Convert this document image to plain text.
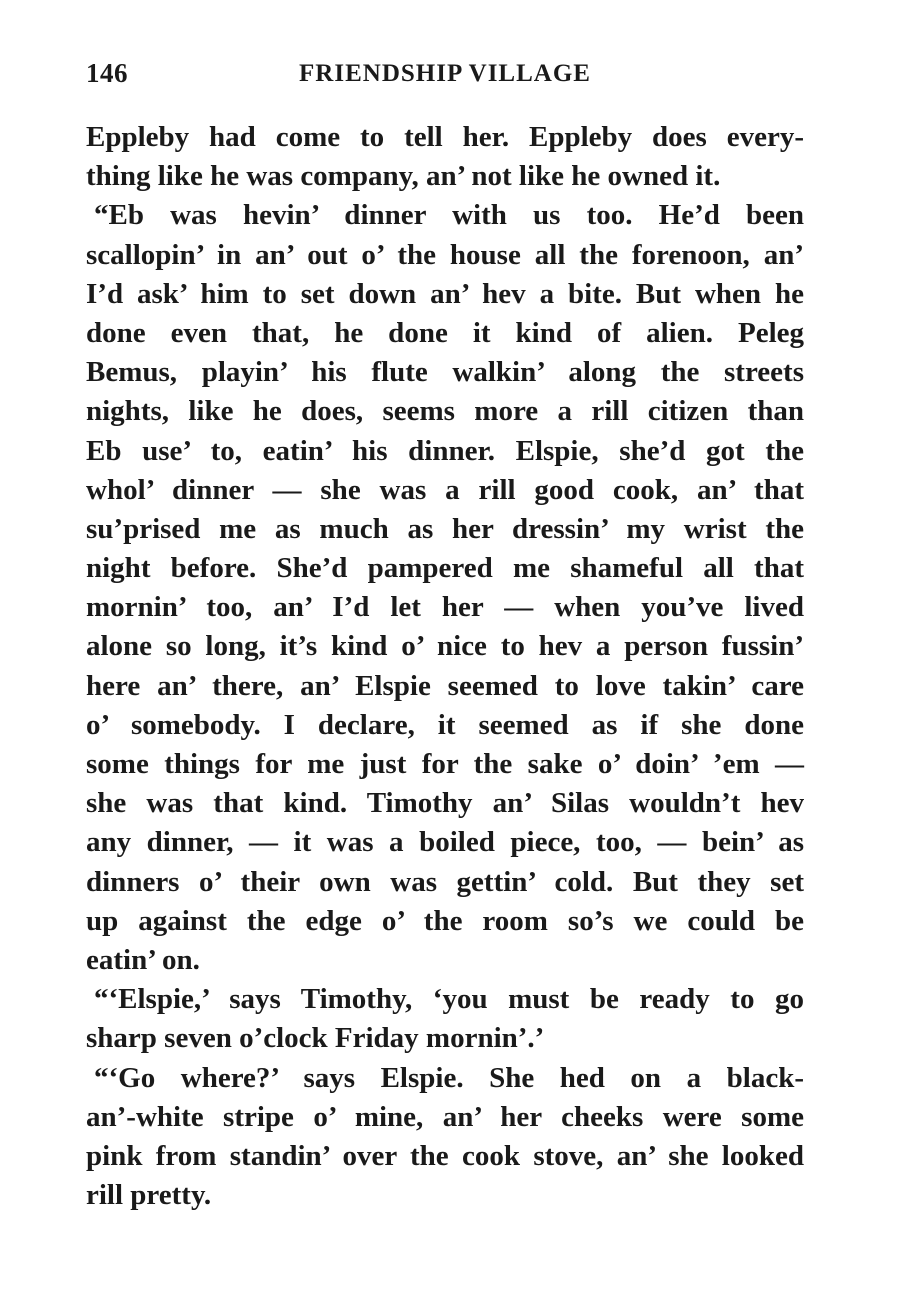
146	FRIENDSHIP VILLAGE
Eppleby had come to tell her. Eppleby does every-
thing like he was company, an’ not like he owned it.
“Eb was hevin’ dinner with us too. He’d been
scallopin’ in an’ out o’ the house all the forenoon, an’
I’d ask’ him to set down an’ hev a bite. But when he
done even that, he done it kind of alien. Peleg
Bemus, playin’ his flute walkin’ along the streets
nights, like he does, seems more a rill citizen than
Eb use’ to, eatin’ his dinner. Elspie, she’d got the
whol’ dinner — she was a rill good cook, an’ that
su’prised me as much as her dressin’ my wrist the
night before. She’d pampered me shameful all that
mornin’ too, an’ I’d let her — when you’ve lived
alone so long, it’s kind o’ nice to hev a person fussin’
here an’ there, an’ Elspie seemed to love takin’ care
o’ somebody. I declare, it seemed as if she done
some things for me just for the sake o’ doin’ ’em —
she was that kind. Timothy an’ Silas wouldn’t hev
any dinner, — it was a boiled piece, too, — bein’ as
dinners o’ their own was gettin’ cold. But they set
up against the edge o’ the room so’s we could be
eatin’ on.
“‘Elspie,’ says Timothy, ‘you must be ready to go
sharp seven o’clock Friday mornin’.’
“‘Go where?’ says Elspie. She hed on a black-
an’-white stripe o’ mine, an’ her cheeks were some
pink from standin’ over the cook stove, an’ she looked
rill pretty.
